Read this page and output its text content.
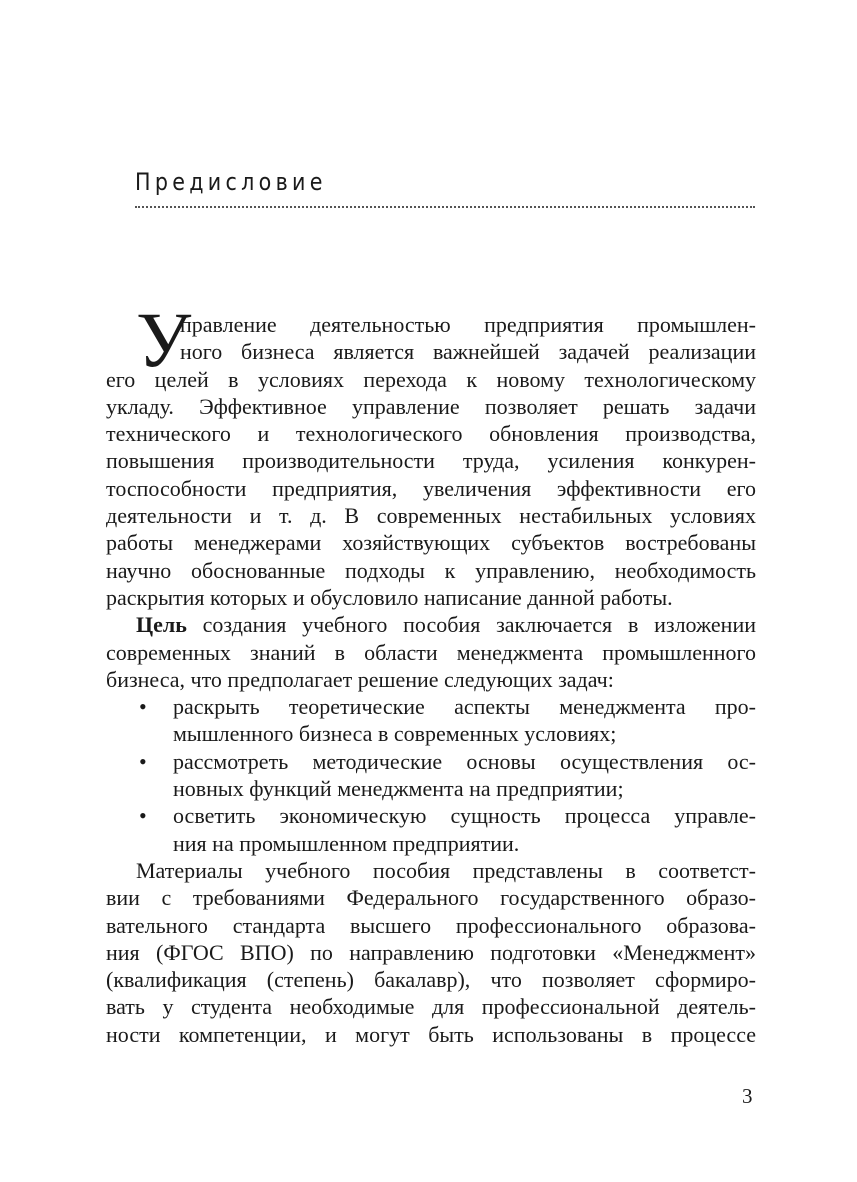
Предисловие
У
правление деятельностью предприятия промышлен-
ного бизнеса является важнейшей задачей реализации
его целей в условиях перехода к новому технологическому
укладу. Эффективное управление позволяет решать задачи
технического и технологического обновления производства,
повышения производительности труда, усиления конкурен-
тоспособности предприятия, увеличения эффективности его
деятельности и т. д. В современных нестабильных условиях
работы менеджерами хозяйствующих субъектов востребованы
научно обоснованные подходы к управлению, необходимость
раскрытия которых и обусловило написание данной работы.
Цель создания учебного пособия заключается в изложении
современных знаний в области менеджмента промышленного
бизнеса, что предполагает решение следующих задач:
• раскрыть теоретические аспекты менеджмента про-
мышленного бизнеса в современных условиях;
• рассмотреть методические основы осуществления ос-
новных функций менеджмента на предприятии;
• осветить экономическую сущность процесса управле-
ния на промышленном предприятии.
Материалы учебного пособия представлены в соответст-
вии с требованиями Федерального государственного образо-
вательного стандарта высшего профессионального образова-
ния (ФГОС ВПО) по направлению подготовки «Менеджмент»
(квалификация (степень) бакалавр), что позволяет сформиро-
вать у студента необходимые для профессиональной деятель-
ности компетенции, и могут быть использованы в процессе
3
